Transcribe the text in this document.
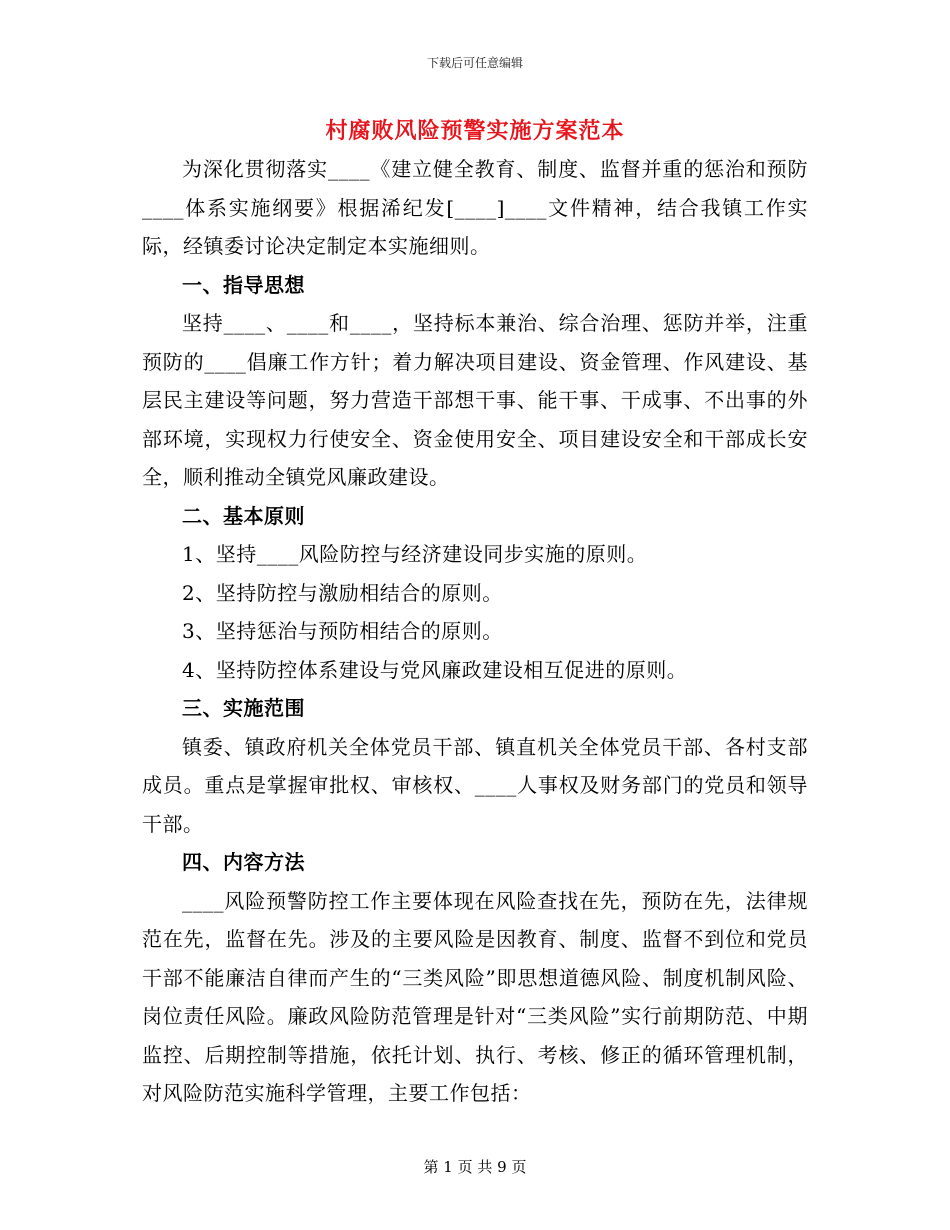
下载后可任意编辑
村腐败风险预警实施方案范本

为深化贯彻落实____《建立健全教育、制度、监督并重的惩治和预防____体系实施纲要》根据浠纪发[____]____文件精神，结合我镇工作实际，经镇委讨论决定制定本实施细则。

一、指导思想

坚持____、____和____，坚持标本兼治、综合治理、惩防并举，注重预防的____倡廉工作方针；着力解决项目建设、资金管理、作风建设、基层民主建设等问题，努力营造干部想干事、能干事、干成事、不出事的外部环境，实现权力行使安全、资金使用安全、项目建设安全和干部成长安全，顺利推动全镇党风廉政建设。

二、基本原则

1、坚持____风险防控与经济建设同步实施的原则。

2、坚持防控与激励相结合的原则。

3、坚持惩治与预防相结合的原则。

4、坚持防控体系建设与党风廉政建设相互促进的原则。

三、实施范围

镇委、镇政府机关全体党员干部、镇直机关全体党员干部、各村支部成员。重点是掌握审批权、审核权、____人事权及财务部门的党员和领导干部。

四、内容方法

____风险预警防控工作主要体现在风险查找在先，预防在先，法律规范在先，监督在先。涉及的主要风险是因教育、制度、监督不到位和党员干部不能廉洁自律而产生的“三类风险”即思想道德风险、制度机制风险、岗位责任风险。廉政风险防范管理是针对“三类风险”实行前期防范、中期监控、后期控制等措施，依托计划、执行、考核、修正的循环管理机制，对风险防范实施科学管理，主要工作包括：

第 1 页 共 9 页
